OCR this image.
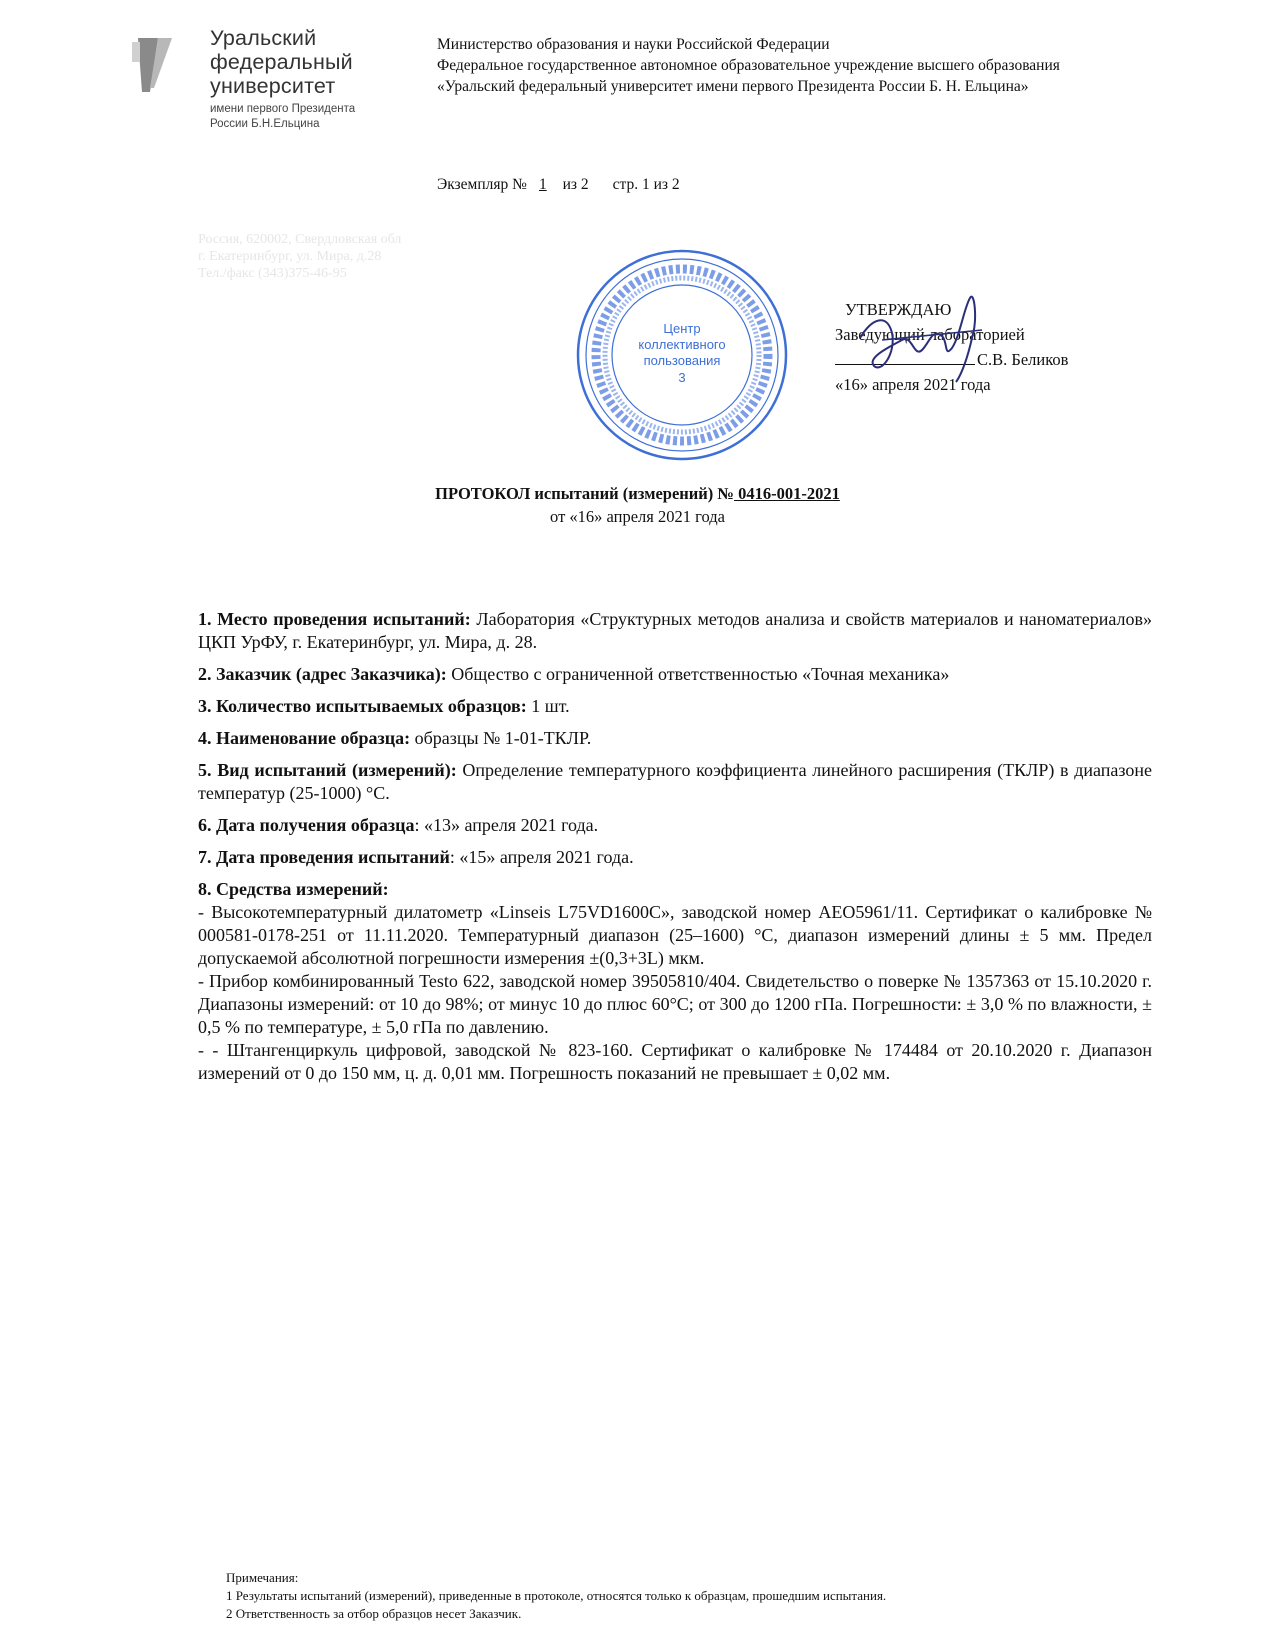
Уральский
федеральный
университет
имени первого Президента
России Б.Н.Ельцина
Министерство образования и науки Российской Федерации
Федеральное государственное автономное образовательное учреждение высшего образования
«Уральский федеральный университет имени первого Президента России Б. Н. Ельцина»
Экземпляр № 1 из 2 стр. 1 из 2
Россия, 620002, Свердловская обл
г. Екатеринбург, ул. Мира, д.28
Тел./факс (343)375-46-95
Центр
коллективного
пользования
3
УТВЕРЖДАЮ
Заведующий лабораторией
С.В. Беликов
«16» апреля 2021 года
ПРОТОКОЛ испытаний (измерений) № 0416-001-2021
от «16» апреля 2021 года

1. Место проведения испытаний: Лаборатория «Структурных методов анализа и свойств материалов и наноматериалов» ЦКП УрФУ, г. Екатеринбург, ул. Мира, д. 28.

2. Заказчик (адрес Заказчика): Общество с ограниченной ответственностью «Точная механика»

3. Количество испытываемых образцов: 1 шт.

4. Наименование образца: образцы № 1-01-ТКЛР.

5. Вид испытаний (измерений): Определение температурного коэффициента линейного расширения (ТКЛР) в диапазоне температур (25-1000) °С.

6. Дата получения образца: «13» апреля 2021 года.

7. Дата проведения испытаний: «15» апреля 2021 года.

8. Средства измерений:

- Высокотемпературный дилатометр «Linseis L75VD1600C», заводской номер AEO5961/11. Сертификат о калибровке № 000581-0178-251 от 11.11.2020. Температурный диапазон (25–1600) °С, диапазон измерений длины ± 5 мм. Предел допускаемой абсолютной погрешности измерения ±(0,3+3L) мкм.

- Прибор комбинированный Testo 622, заводской номер 39505810/404. Свидетельство о поверке № 1357363 от 15.10.2020 г. Диапазоны измерений: от 10 до 98%; от минус 10 до плюс 60°С; от 300 до 1200 гПа. Погрешности: ± 3,0 % по влажности, ± 0,5 % по температуре, ± 5,0 гПа по давлению.

- - Штангенциркуль цифровой, заводской № 823-160. Сертификат о калибровке № 174484 от 20.10.2020 г. Диапазон измерений от 0 до 150 мм, ц. д. 0,01 мм. Погрешность показаний не превышает ± 0,02 мм.

Примечания:
1 Результаты испытаний (измерений), приведенные в протоколе, относятся только к образцам, прошедшим испытания.
2 Ответственность за отбор образцов несет Заказчик.
